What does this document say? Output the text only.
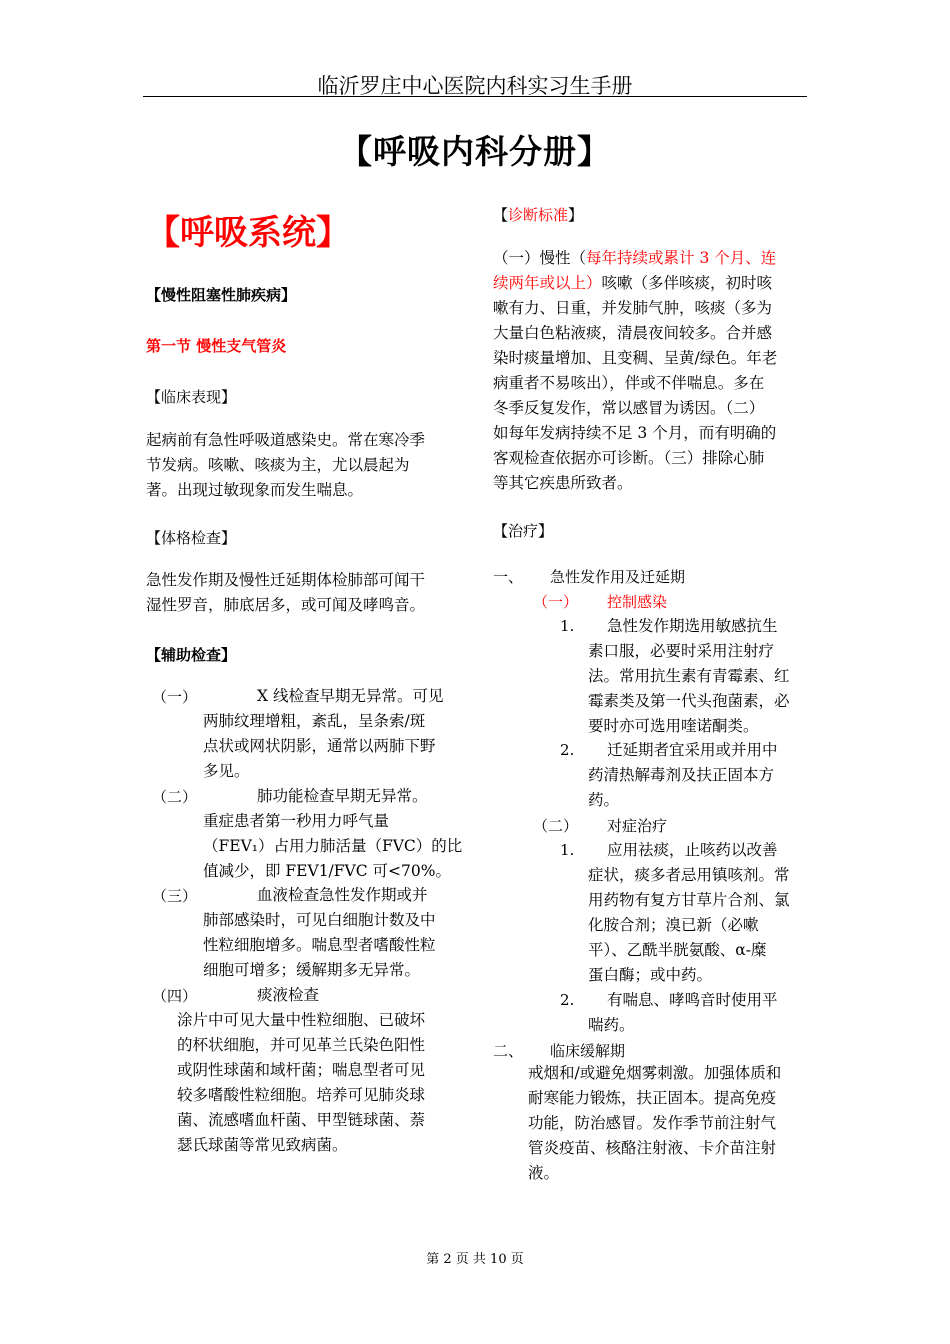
临沂罗庄中心医院内科实习生手册
【呼吸内科分册】
【呼吸系统】
【慢性阻塞性肺疾病】
第一节 慢性支气管炎
【临床表现】
起病前有急性呼吸道感染史。常在寒冷季
节发病。咳嗽、咳痰为主，尤以晨起为
著。出现过敏现象而发生喘息。
【体格检查】
急性发作期及慢性迁延期体检肺部可闻干
湿性罗音，肺底居多，或可闻及哮鸣音。
【辅助检查】
（一）	X 线检查早期无异常。可见
两肺纹理增粗，紊乱，呈条索/斑
点状或网状阴影，通常以两肺下野
多见。
（二）	肺功能检查早期无异常。
重症患者第一秒用力呼气量
（FEV₁）占用力肺活量（FVC）的比
值减少，即 FEV1/FVC 可<70%。
（三）	血液检查急性发作期或并
肺部感染时，可见白细胞计数及中
性粒细胞增多。喘息型者嗜酸性粒
细胞可增多；缓解期多无异常。
（四）	痰液检查
涂片中可见大量中性粒细胞、已破坏
的杯状细胞，并可见革兰氏染色阳性
或阴性球菌和域杆菌；喘息型者可见
较多嗜酸性粒细胞。培养可见肺炎球
菌、流感嗜血杆菌、甲型链球菌、萘
瑟氏球菌等常见致病菌。
【诊断标准】
（一）慢性（每年持续或累计 3 个月、连
续两年或以上）咳嗽（多伴咳痰，初时咳
嗽有力、日重，并发肺气肿，咳痰（多为
大量白色粘液痰，清晨夜间较多。合并感
染时痰量增加、且变稠、呈黄/绿色。年老
病重者不易咳出），伴或不伴喘息。多在
冬季反复发作，常以感冒为诱因。（二）
如每年发病持续不足 3 个月，而有明确的
客观检查依据亦可诊断。（三）排除心肺
等其它疾患所致者。
【治疗】
一、 急性发作用及迁延期
（一） 控制感染
1.	急性发作期选用敏感抗生
素口服，必要时采用注射疗
法。常用抗生素有青霉素、红
霉素类及第一代头孢菌素，必
要时亦可选用喹诺酮类。
2.	迁延期者宜采用或并用中
药清热解毒剂及扶正固本方
药。
（二） 对症治疗
1.	应用祛痰，止咳药以改善
症状，痰多者忌用镇咳剂。常
用药物有复方甘草片合剂、氯
化胺合剂；溴已新（必嗽
平）、乙酰半胱氨酸、α-糜
蛋白酶；或中药。
2.	有喘息、哮鸣音时使用平
喘药。
二、 临床缓解期
戒烟和/或避免烟雾刺激。加强体质和
耐寒能力锻炼，扶正固本。提高免疫
功能，防治感冒。发作季节前注射气
管炎疫苗、核酪注射液、卡介苗注射
液。
第 2 页 共 10 页
